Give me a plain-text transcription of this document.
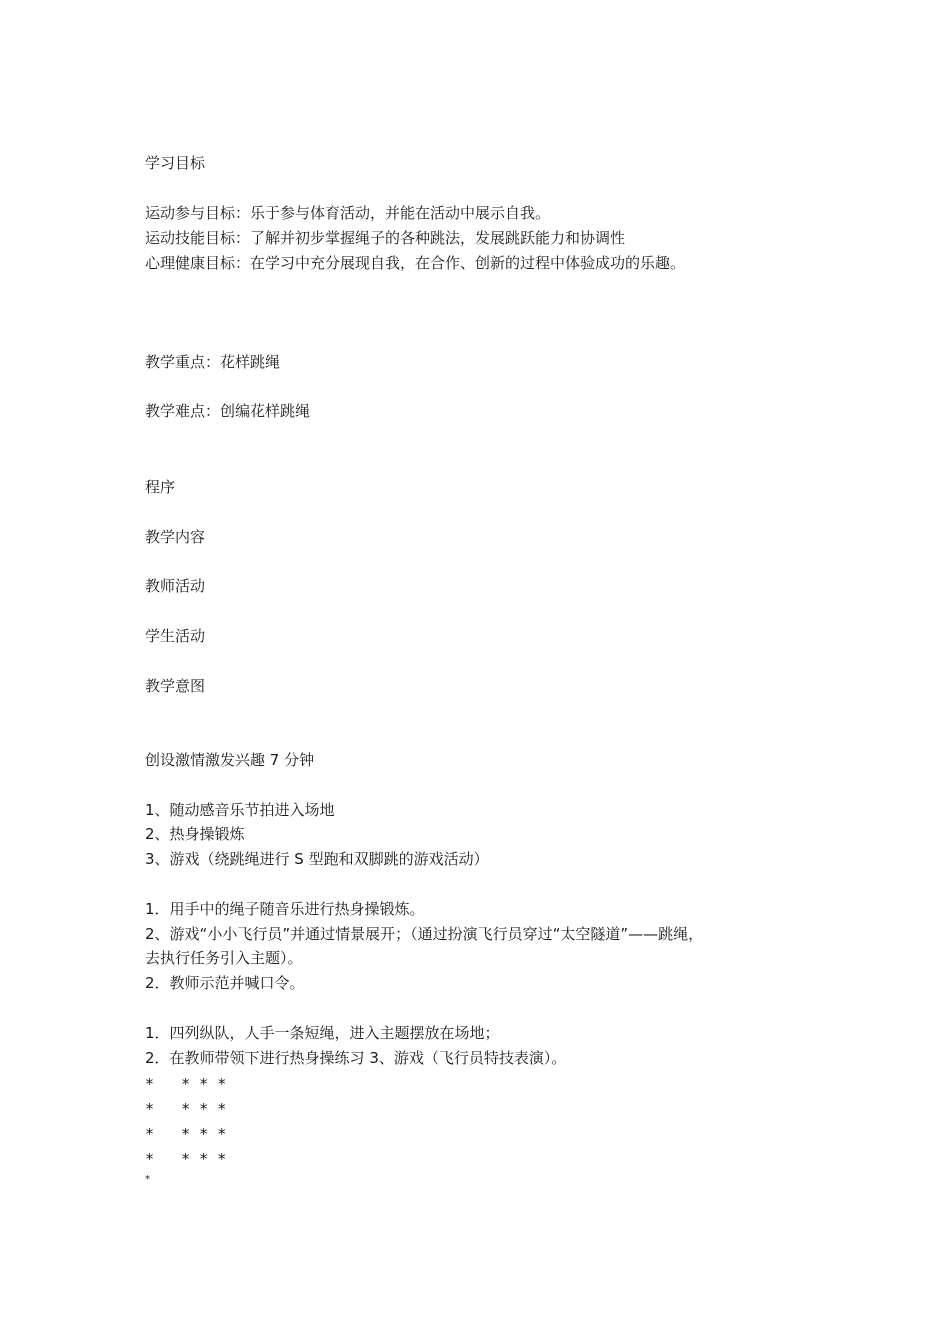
学习目标
运动参与目标：乐于参与体育活动，并能在活动中展示自我。
运动技能目标：了解并初步掌握绳子的各种跳法，发展跳跃能力和协调性
心理健康目标：在学习中充分展现自我，在合作、创新的过程中体验成功的乐趣。
教学重点：花样跳绳
教学难点：创编花样跳绳
程序
教学内容
教师活动
学生活动
教学意图
创设激情激发兴趣 7 分钟
1、随动感音乐节拍进入场地
2、热身操锻炼
3、游戏（绕跳绳进行 S 型跑和双脚跳的游戏活动）
1．用手中的绳子随音乐进行热身操锻炼。
2、游戏“小小飞行员”并通过情景展开；（通过扮演飞行员穿过“太空隧道”——跳绳，
去执行任务引入主题）。
2．教师示范并喊口令。
1．四列纵队，人手一条短绳，进入主题摆放在场地；
2．在教师带领下进行热身操练习 3、游戏（飞行员特技表演）。
*   * * *
*   * * *
*   * * *
*   * * *
*
